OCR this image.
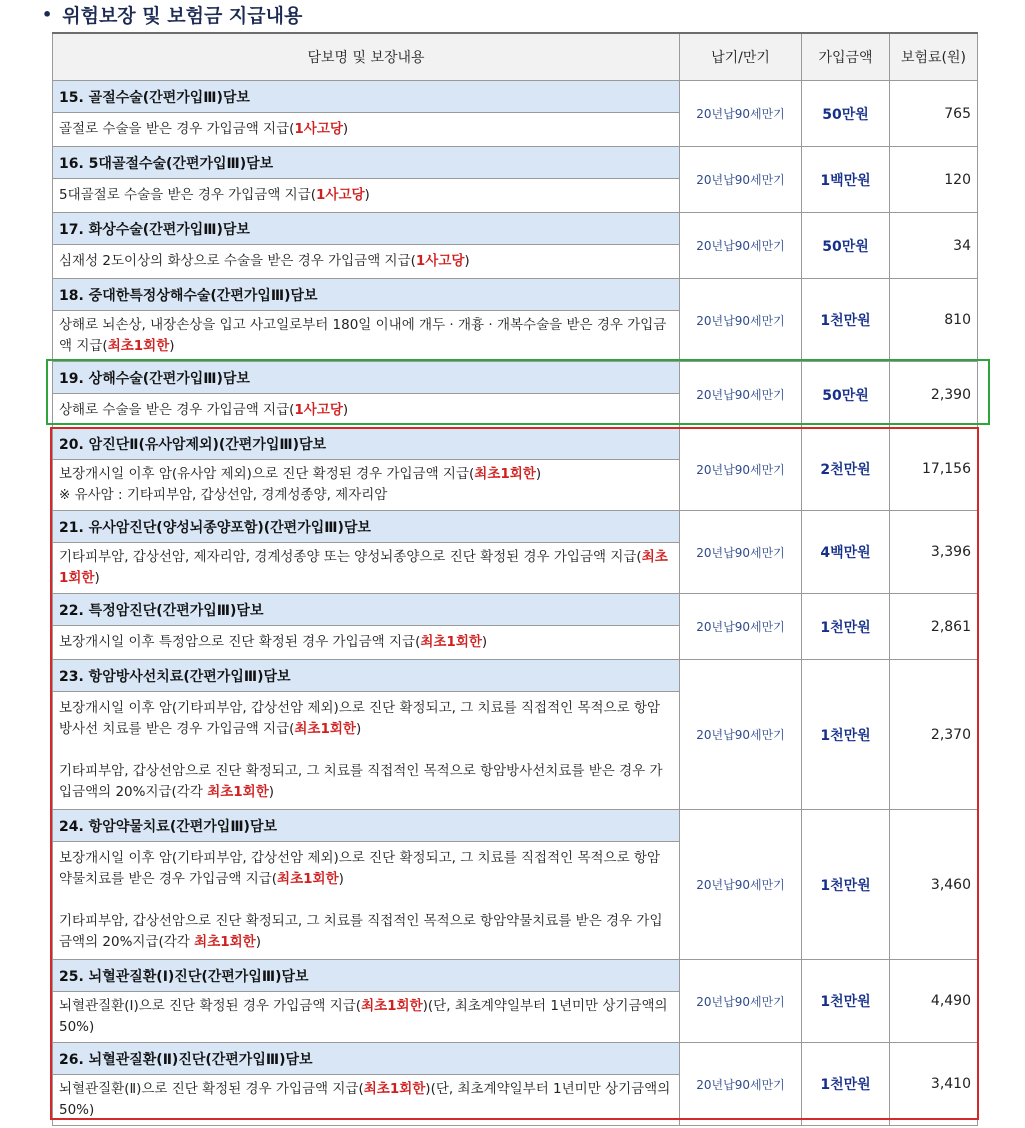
• 위험보장 및 보험금 지급내용
담보명 및 보장내용	납기/만기	가입금액	보험료(원)
15. 골절수술(간편가입Ⅲ)담보	20년납90세만기	50만원	765
골절로 수술을 받은 경우 가입금액 지급(1사고당)			
16. 5대골절수술(간편가입Ⅲ)담보	20년납90세만기	1백만원	120
5대골절로 수술을 받은 경우 가입금액 지급(1사고당)			
17. 화상수술(간편가입Ⅲ)담보	20년납90세만기	50만원	34
심재성 2도이상의 화상으로 수술을 받은 경우 가입금액 지급(1사고당)			
18. 중대한특정상해수술(간편가입Ⅲ)담보	20년납90세만기	1천만원	810
상해로 뇌손상, 내장손상을 입고 사고일로부터 180일 이내에 개두 · 개흉 · 개복수술을 받은 경우 가입금액 지급(최초1회한)			
19. 상해수술(간편가입Ⅲ)담보	20년납90세만기	50만원	2,390
상해로 수술을 받은 경우 가입금액 지급(1사고당)			
20. 암진단Ⅱ(유사암제외)(간편가입Ⅲ)담보	20년납90세만기	2천만원	17,156
보장개시일 이후 암(유사암 제외)으로 진단 확정된 경우 가입금액 지급(최초1회한)
※ 유사암 : 기타피부암, 갑상선암, 경계성종양, 제자리암			
21. 유사암진단(양성뇌종양포함)(간편가입Ⅲ)담보	20년납90세만기	4백만원	3,396
기타피부암, 갑상선암, 제자리암, 경계성종양 또는 양성뇌종양으로 진단 확정된 경우 가입금액 지급(최초 1회한)			
22. 특정암진단(간편가입Ⅲ)담보	20년납90세만기	1천만원	2,861
보장개시일 이후 특정암으로 진단 확정된 경우 가입금액 지급(최초1회한)			
23. 항암방사선치료(간편가입Ⅲ)담보	20년납90세만기	1천만원	2,370
보장개시일 이후 암(기타피부암, 갑상선암 제외)으로 진단 확정되고, 그 치료를 직접적인 목적으로 항암방사선 치료를 받은 경우 가입금액 지급(최초1회한)

기타피부암, 갑상선암으로 진단 확정되고, 그 치료를 직접적인 목적으로 항암방사선치료를 받은 경우 가입금액의 20%지급(각각 최초1회한)			
24. 항암약물치료(간편가입Ⅲ)담보	20년납90세만기	1천만원	3,460
보장개시일 이후 암(기타피부암, 갑상선암 제외)으로 진단 확정되고, 그 치료를 직접적인 목적으로 항암약물치료를 받은 경우 가입금액 지급(최초1회한)

기타피부암, 갑상선암으로 진단 확정되고, 그 치료를 직접적인 목적으로 항암약물치료를 받은 경우 가입금액의 20%지급(각각 최초1회한)			
25. 뇌혈관질환(Ⅰ)진단(간편가입Ⅲ)담보	20년납90세만기	1천만원	4,490
뇌혈관질환(Ⅰ)으로 진단 확정된 경우 가입금액 지급(최초1회한)(단, 최초계약일부터 1년미만 상기금액의 50%)			
26. 뇌혈관질환(Ⅱ)진단(간편가입Ⅲ)담보	20년납90세만기	1천만원	3,410
뇌혈관질환(Ⅱ)으로 진단 확정된 경우 가입금액 지급(최초1회한)(단, 최초계약일부터 1년미만 상기금액의 50%)			
